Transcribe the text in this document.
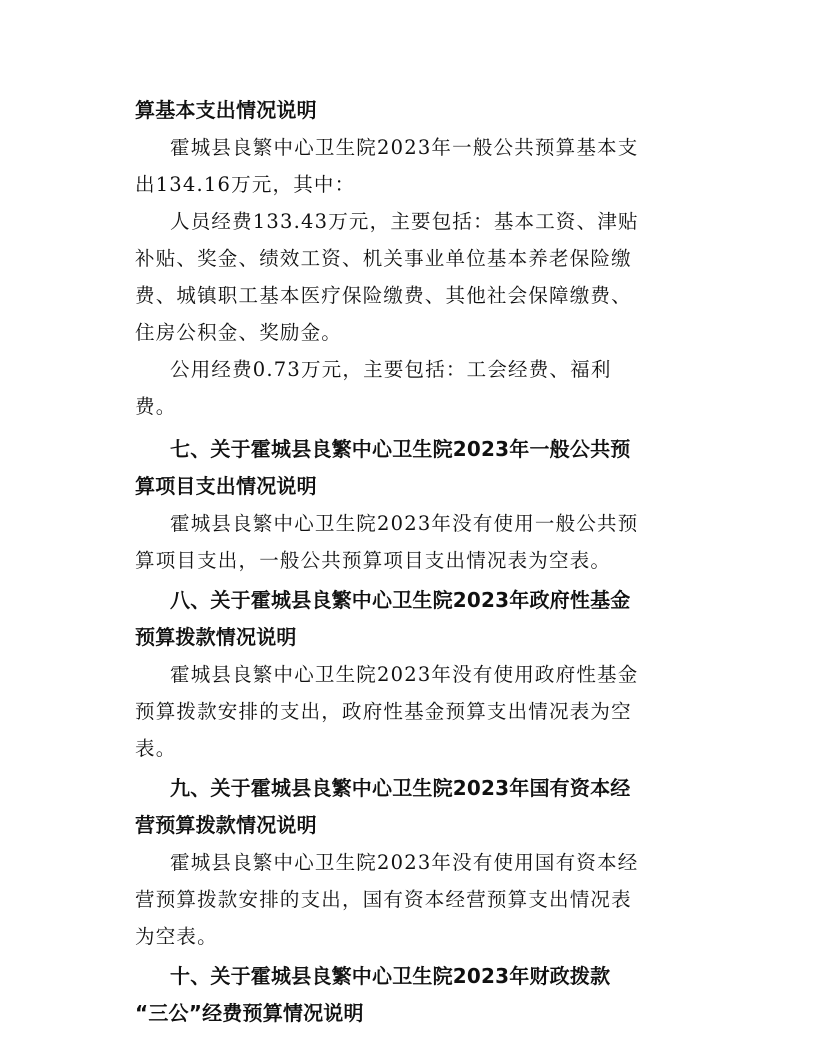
算基本支出情况说明
霍城县良繁中心卫生院2023年一般公共预算基本支
出134.16万元，其中：
人员经费133.43万元，主要包括：基本工资、津贴
补贴、奖金、绩效工资、机关事业单位基本养老保险缴
费、城镇职工基本医疗保险缴费、其他社会保障缴费、
住房公积金、奖励金。
公用经费0.73万元，主要包括：工会经费、福利
费。
七、关于霍城县良繁中心卫生院2023年一般公共预
算项目支出情况说明
霍城县良繁中心卫生院2023年没有使用一般公共预
算项目支出，一般公共预算项目支出情况表为空表。
八、关于霍城县良繁中心卫生院2023年政府性基金
预算拨款情况说明
霍城县良繁中心卫生院2023年没有使用政府性基金
预算拨款安排的支出，政府性基金预算支出情况表为空
表。
九、关于霍城县良繁中心卫生院2023年国有资本经
营预算拨款情况说明
霍城县良繁中心卫生院2023年没有使用国有资本经
营预算拨款安排的支出，国有资本经营预算支出情况表
为空表。
十、关于霍城县良繁中心卫生院2023年财政拨款
“三公”经费预算情况说明
